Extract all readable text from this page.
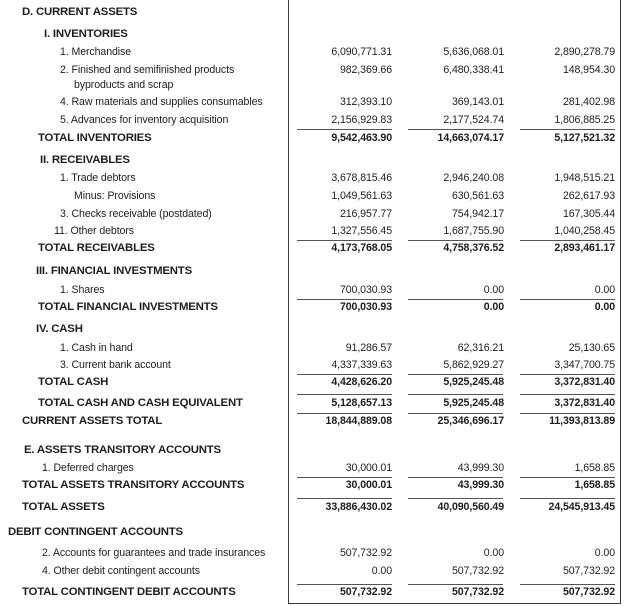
D. CURRENT ASSETS
I. INVENTORIES
1. Merchandise	6,090,771.31	5,636,068.01	2,890,278.79
2. Finished and semifinished products	982,369.66	6,480,338.41	148,954.30
byproducts and scrap
4. Raw materials and supplies consumables	312,393.10	369,143.01	281,402.98
5. Advances for inventory acquisition	2,156,929.83	2,177,524.74	1,806,885.25
TOTAL INVENTORIES	9,542,463.90	14,663,074.17	5,127,521.32
II. RECEIVABLES
1. Trade debtors	3,678,815.46	2,946,240.08	1,948,515.21
Minus: Provisions	1,049,561.63	630,561.63	262,617.93
3. Checks receivable (postdated)	216,957.77	754,942.17	167,305.44
11. Other debtors	1,327,556.45	1,687,755.90	1,040,258.45
TOTAL RECEIVABLES	4,173,768.05	4,758,376.52	2,893,461.17
III. FINANCIAL INVESTMENTS
1. Shares	700,030.93	0.00	0.00
TOTAL FINANCIAL INVESTMENTS	700,030.93	0.00	0.00
IV. CASH
1. Cash in hand	91,286.57	62,316.21	25,130.65
3. Current bank account	4,337,339.63	5,862,929.27	3,347,700.75
TOTAL CASH	4,428,626.20	5,925,245.48	3,372,831.40
TOTAL CASH AND CASH EQUIVALENT	5,128,657.13	5,925,245.48	3,372,831.40
CURRENT ASSETS TOTAL	18,844,889.08	25,346,696.17	11,393,813.89
E. ASSETS TRANSITORY ACCOUNTS
1. Deferred charges	30,000.01	43,999.30	1,658.85
TOTAL ASSETS TRANSITORY ACCOUNTS	30,000.01	43,999.30	1,658.85
TOTAL ASSETS	33,886,430.02	40,090,560.49	24,545,913.45
DEBIT CONTINGENT ACCOUNTS
2. Accounts for guarantees and trade insurances	507,732.92	0.00	0.00
4. Other debit contingent accounts	0.00	507,732.92	507,732.92
TOTAL CONTINGENT DEBIT ACCOUNTS	507,732.92	507,732.92	507,732.92
